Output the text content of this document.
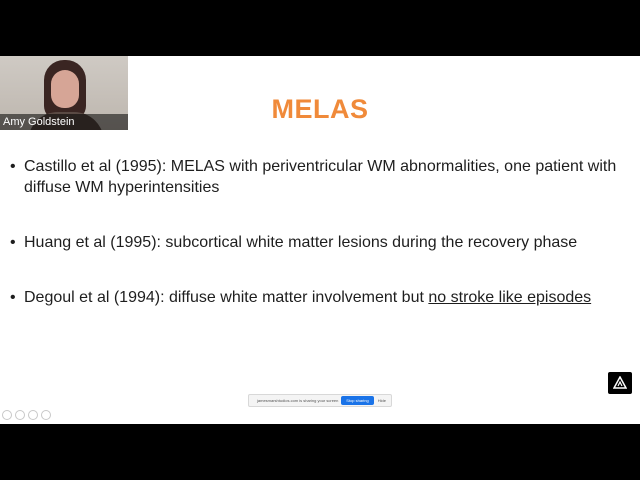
MELAS
• Castillo et al (1995): MELAS with periventricular WM abnormalities, one patient with diffuse WM hyperintensities
• Huang et al (1995): subcortical white matter lesions during the recovery phase
• Degoul et al (1994): diffuse white matter involvement but no stroke like episodes
Amy Goldstein
jamesmarshtudios.com is sharing your screen	Stop sharing	Hide
